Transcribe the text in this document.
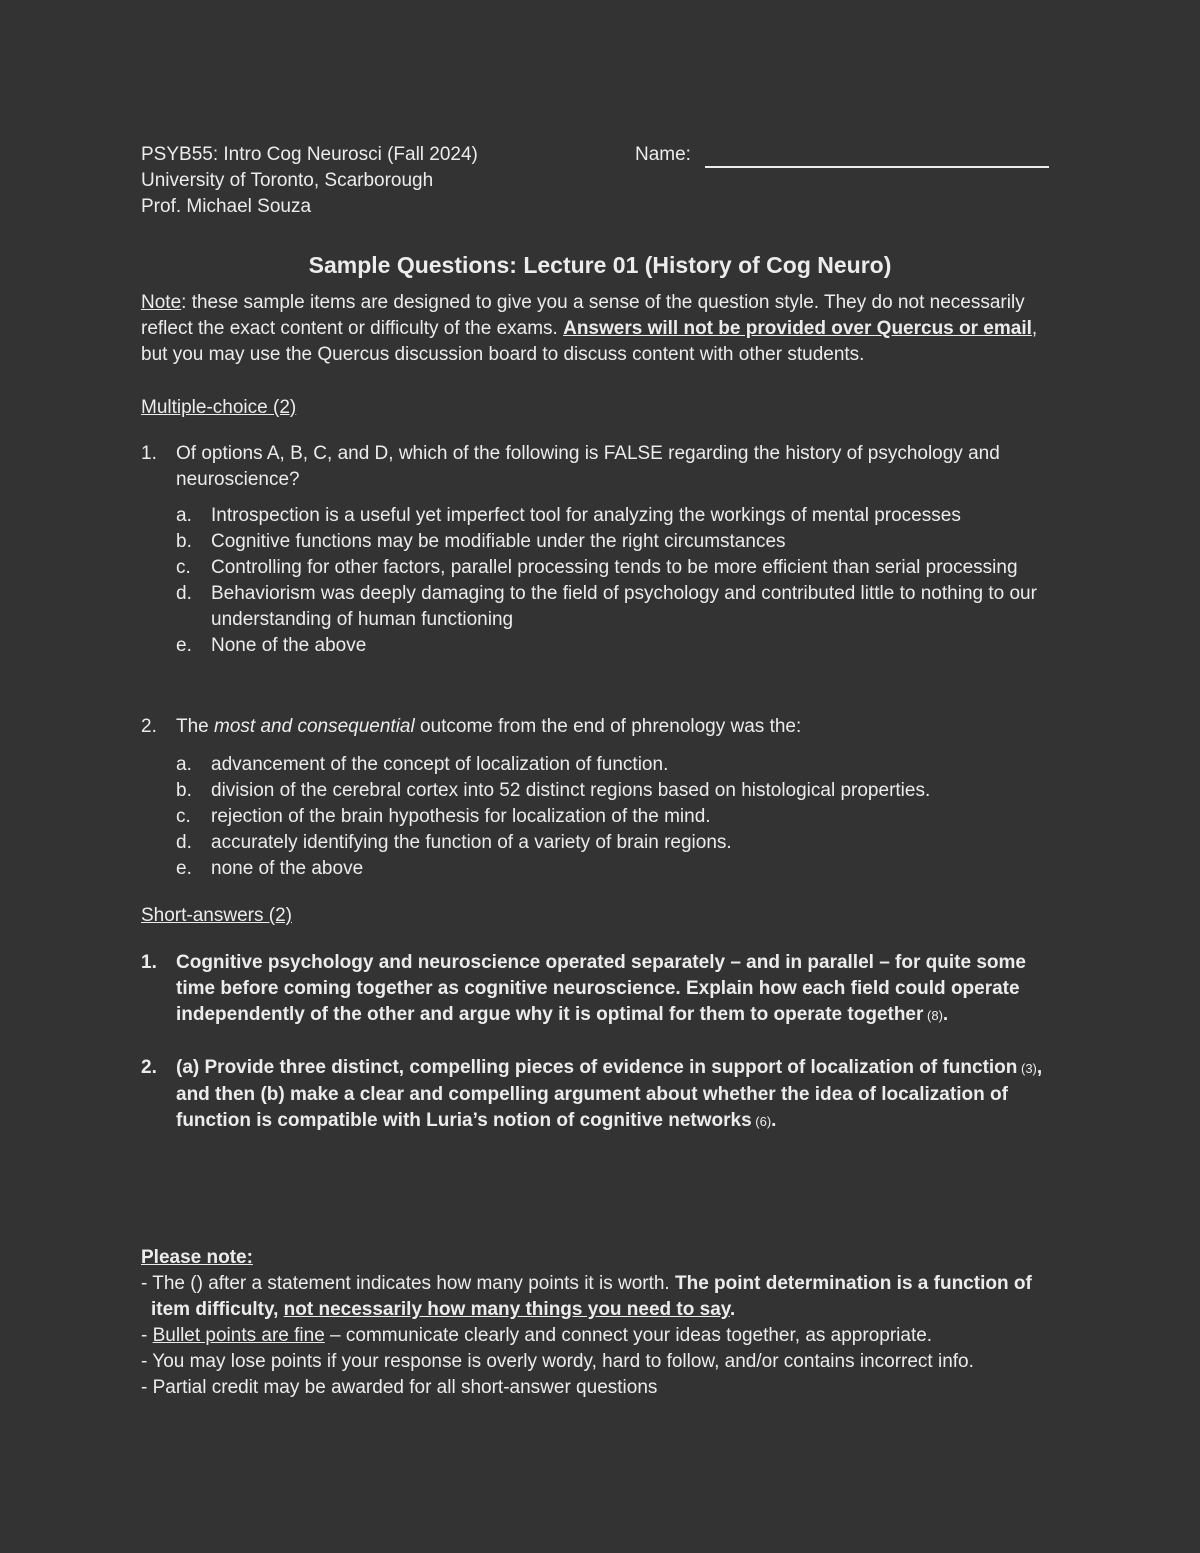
PSYB55: Intro Cog Neurosci (Fall 2024)
University of Toronto, Scarborough
Prof. Michael Souza
Name:
Sample Questions: Lecture 01 (History of Cog Neuro)
Note: these sample items are designed to give you a sense of the question style. They do not necessarily reflect the exact content or difficulty of the exams. Answers will not be provided over Quercus or email, but you may use the Quercus discussion board to discuss content with other students.
Multiple-choice (2)
1.	Of options A, B, C, and D, which of the following is FALSE regarding the history of psychology and neuroscience?
a.	Introspection is a useful yet imperfect tool for analyzing the workings of mental processes
b.	Cognitive functions may be modifiable under the right circumstances
c.	Controlling for other factors, parallel processing tends to be more efficient than serial processing
d.	Behaviorism was deeply damaging to the field of psychology and contributed little to nothing to our understanding of human functioning
e.	None of the above
2.	The most and consequential outcome from the end of phrenology was the:
a.	advancement of the concept of localization of function.
b.	division of the cerebral cortex into 52 distinct regions based on histological properties.
c.	rejection of the brain hypothesis for localization of the mind.
d.	accurately identifying the function of a variety of brain regions.
e.	none of the above
Short-answers (2)
1.	Cognitive psychology and neuroscience operated separately – and in parallel – for quite some time before coming together as cognitive neuroscience. Explain how each field could operate independently of the other and argue why it is optimal for them to operate together (8).
2.	(a) Provide three distinct, compelling pieces of evidence in support of localization of function (3), and then (b) make a clear and compelling argument about whether the idea of localization of function is compatible with Luria’s notion of cognitive networks (6).
Please note:
- The () after a statement indicates how many points it is worth. The point determination is a function of item difficulty, not necessarily how many things you need to say.
- Bullet points are fine – communicate clearly and connect your ideas together, as appropriate.
- You may lose points if your response is overly wordy, hard to follow, and/or contains incorrect info.
- Partial credit may be awarded for all short-answer questions
